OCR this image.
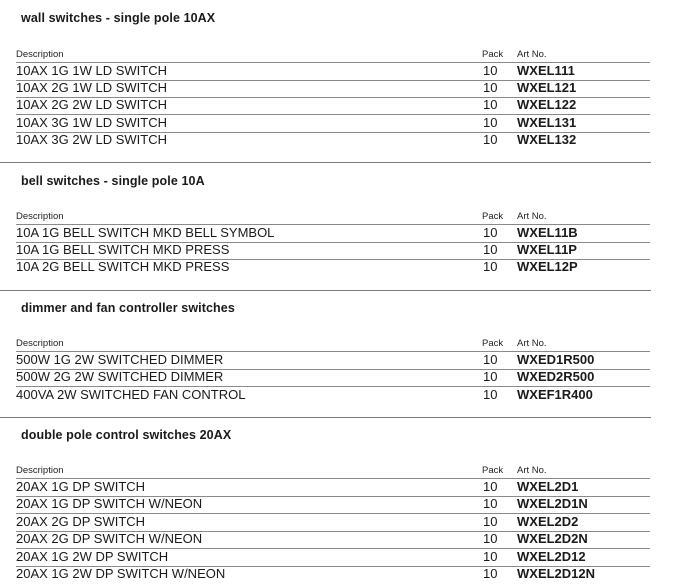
wall switches - single pole 10AX
Description	Pack Art No.
10AX 1G 1W LD SWITCH	10 WXEL111
10AX 2G 1W LD SWITCH	10 WXEL121
10AX 2G 2W LD SWITCH	10 WXEL122
10AX 3G 1W LD SWITCH	10 WXEL131
10AX 3G 2W LD SWITCH	10 WXEL132
bell switches - single pole 10A
Description	Pack Art No.
10A 1G BELL SWITCH MKD BELL SYMBOL	10 WXEL11B
10A 1G BELL SWITCH MKD PRESS	10 WXEL11P
10A 2G BELL SWITCH MKD PRESS	10 WXEL12P
dimmer and fan controller switches
Description	Pack Art No.
500W 1G 2W SWITCHED DIMMER	10 WXED1R500
500W 2G 2W SWITCHED DIMMER	10 WXED2R500
400VA 2W SWITCHED FAN CONTROL	10 WXEF1R400
double pole control switches 20AX
Description	Pack Art No.
20AX 1G DP SWITCH	10 WXEL2D1
20AX 1G DP SWITCH W/NEON	10 WXEL2D1N
20AX 2G DP SWITCH	10 WXEL2D2
20AX 2G DP SWITCH W/NEON	10 WXEL2D2N
20AX 1G 2W DP SWITCH	10 WXEL2D12
20AX 1G 2W DP SWITCH W/NEON	10 WXEL2D12N
